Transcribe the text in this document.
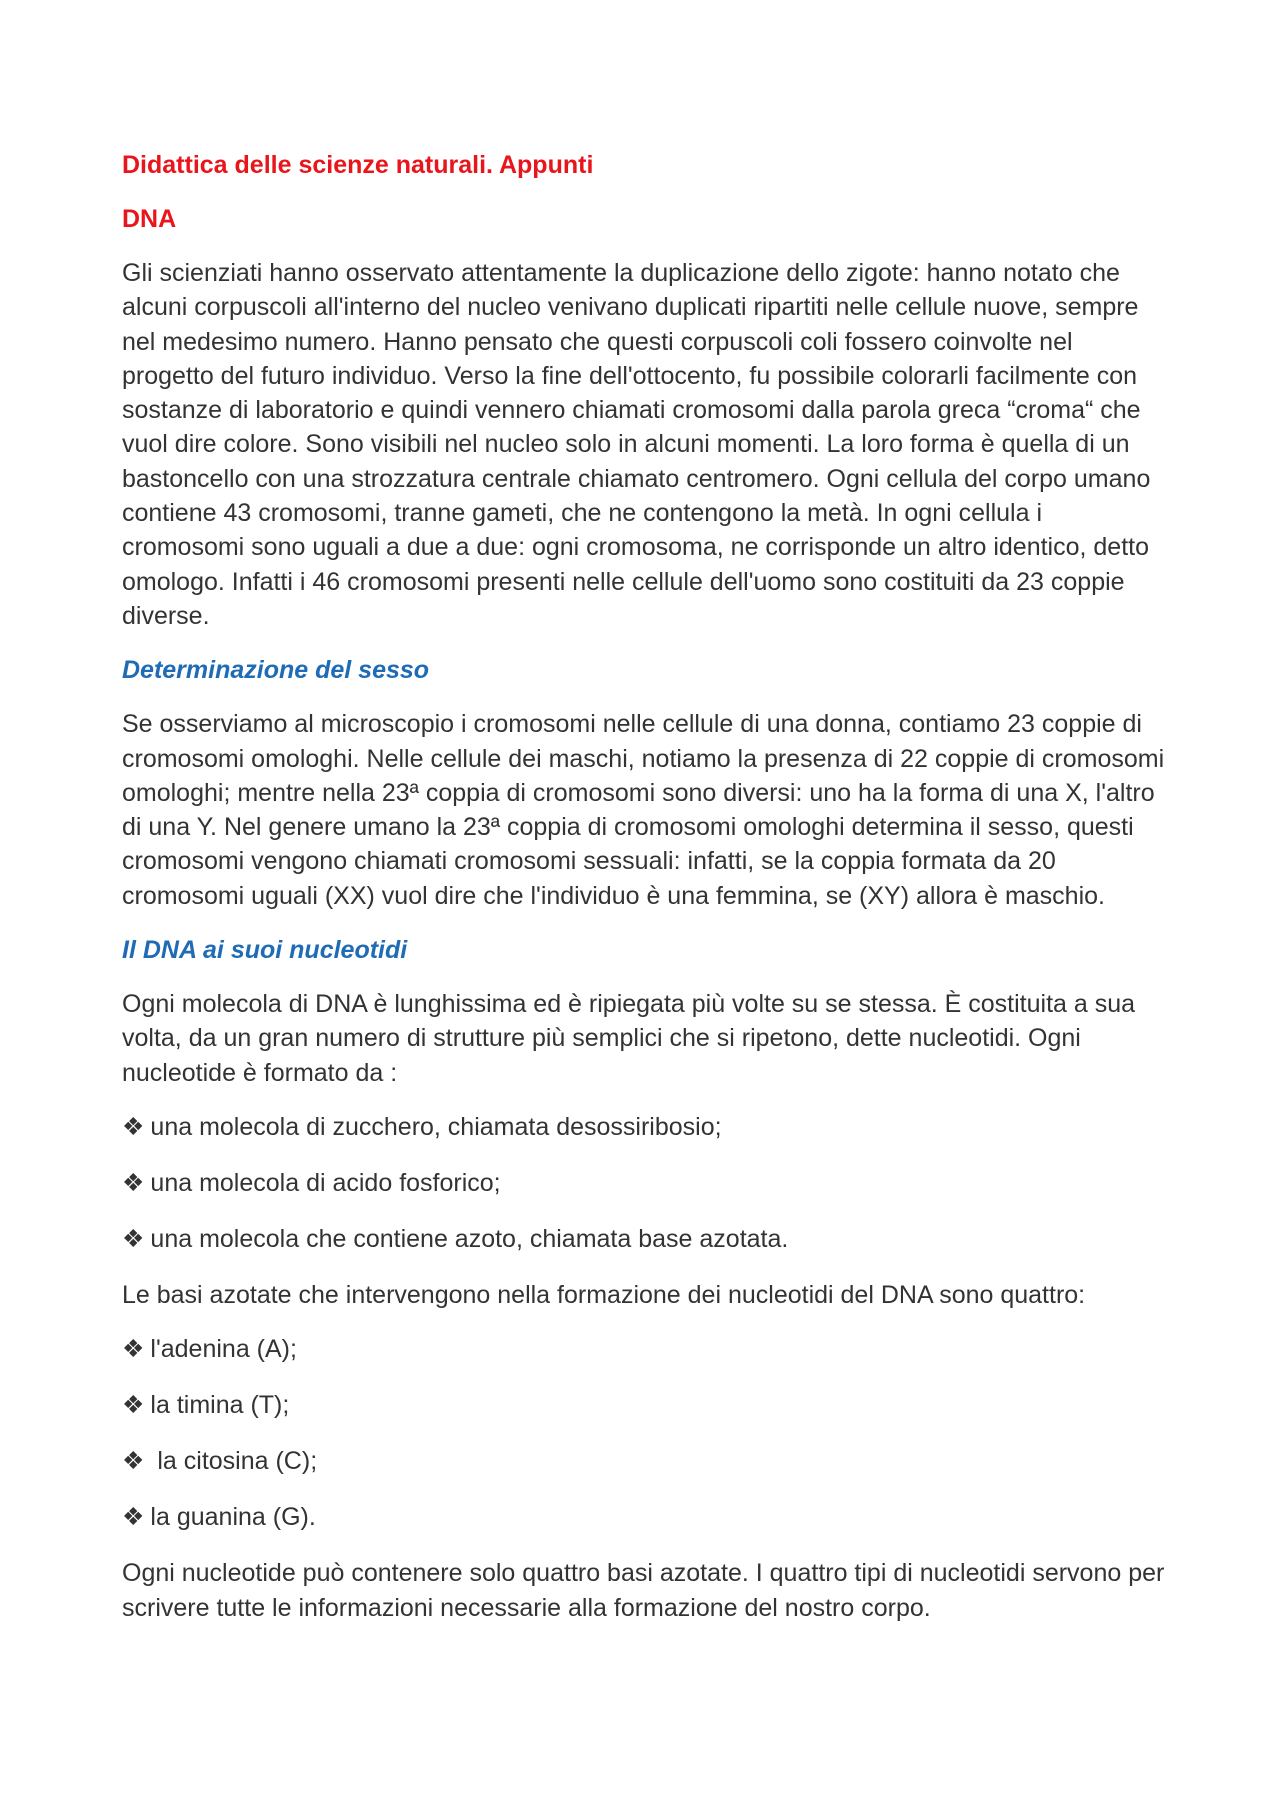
Didattica delle scienze naturali. Appunti
DNA
Gli scienziati hanno osservato attentamente la duplicazione dello zigote: hanno notato che alcuni corpuscoli all'interno del nucleo venivano duplicati ripartiti nelle cellule nuove, sempre nel medesimo numero. Hanno pensato che questi corpuscoli coli fossero coinvolte nel progetto del futuro individuo. Verso la fine dell'ottocento, fu possibile colorarli facilmente con sostanze di laboratorio e quindi vennero chiamati cromosomi dalla parola greca “croma“ che vuol dire colore. Sono visibili nel nucleo solo in alcuni momenti. La loro forma è quella di un bastoncello con una strozzatura centrale chiamato centromero. Ogni cellula del corpo umano contiene 43 cromosomi, tranne gameti, che ne contengono la metà. In ogni cellula i cromosomi sono uguali a due a due: ogni cromosoma, ne corrisponde un altro identico, detto omologo. Infatti i 46 cromosomi presenti nelle cellule dell'uomo sono costituiti da 23 coppie diverse.
Determinazione del sesso
Se osserviamo al microscopio i cromosomi nelle cellule di una donna, contiamo 23 coppie di cromosomi omologhi. Nelle cellule dei maschi, notiamo la presenza di 22 coppie di cromosomi omologhi; mentre nella 23ª coppia di cromosomi sono diversi: uno ha la forma di una X, l'altro di una Y. Nel genere umano la 23ª coppia di cromosomi omologhi determina il sesso, questi cromosomi vengono chiamati cromosomi sessuali: infatti, se la coppia formata da 20 cromosomi uguali (XX) vuol dire che l'individuo è una femmina, se (XY) allora è maschio.
Il DNA ai suoi nucleotidi
Ogni molecola di DNA è lunghissima ed è ripiegata più volte su se stessa. È costituita a sua volta, da un gran numero di strutture più semplici che si ripetono, dette nucleotidi. Ogni nucleotide è formato da :
❖ una molecola di zucchero, chiamata desossiribosio;
❖ una molecola di acido fosforico;
❖ una molecola che contiene azoto, chiamata base azotata.
Le basi azotate che intervengono nella formazione dei nucleotidi del DNA sono quattro:
❖ l'adenina (A);
❖ la timina (T);
❖ la citosina (C);
❖ la guanina (G).
Ogni nucleotide può contenere solo quattro basi azotate. I quattro tipi di nucleotidi servono per scrivere tutte le informazioni necessarie alla formazione del nostro corpo.
